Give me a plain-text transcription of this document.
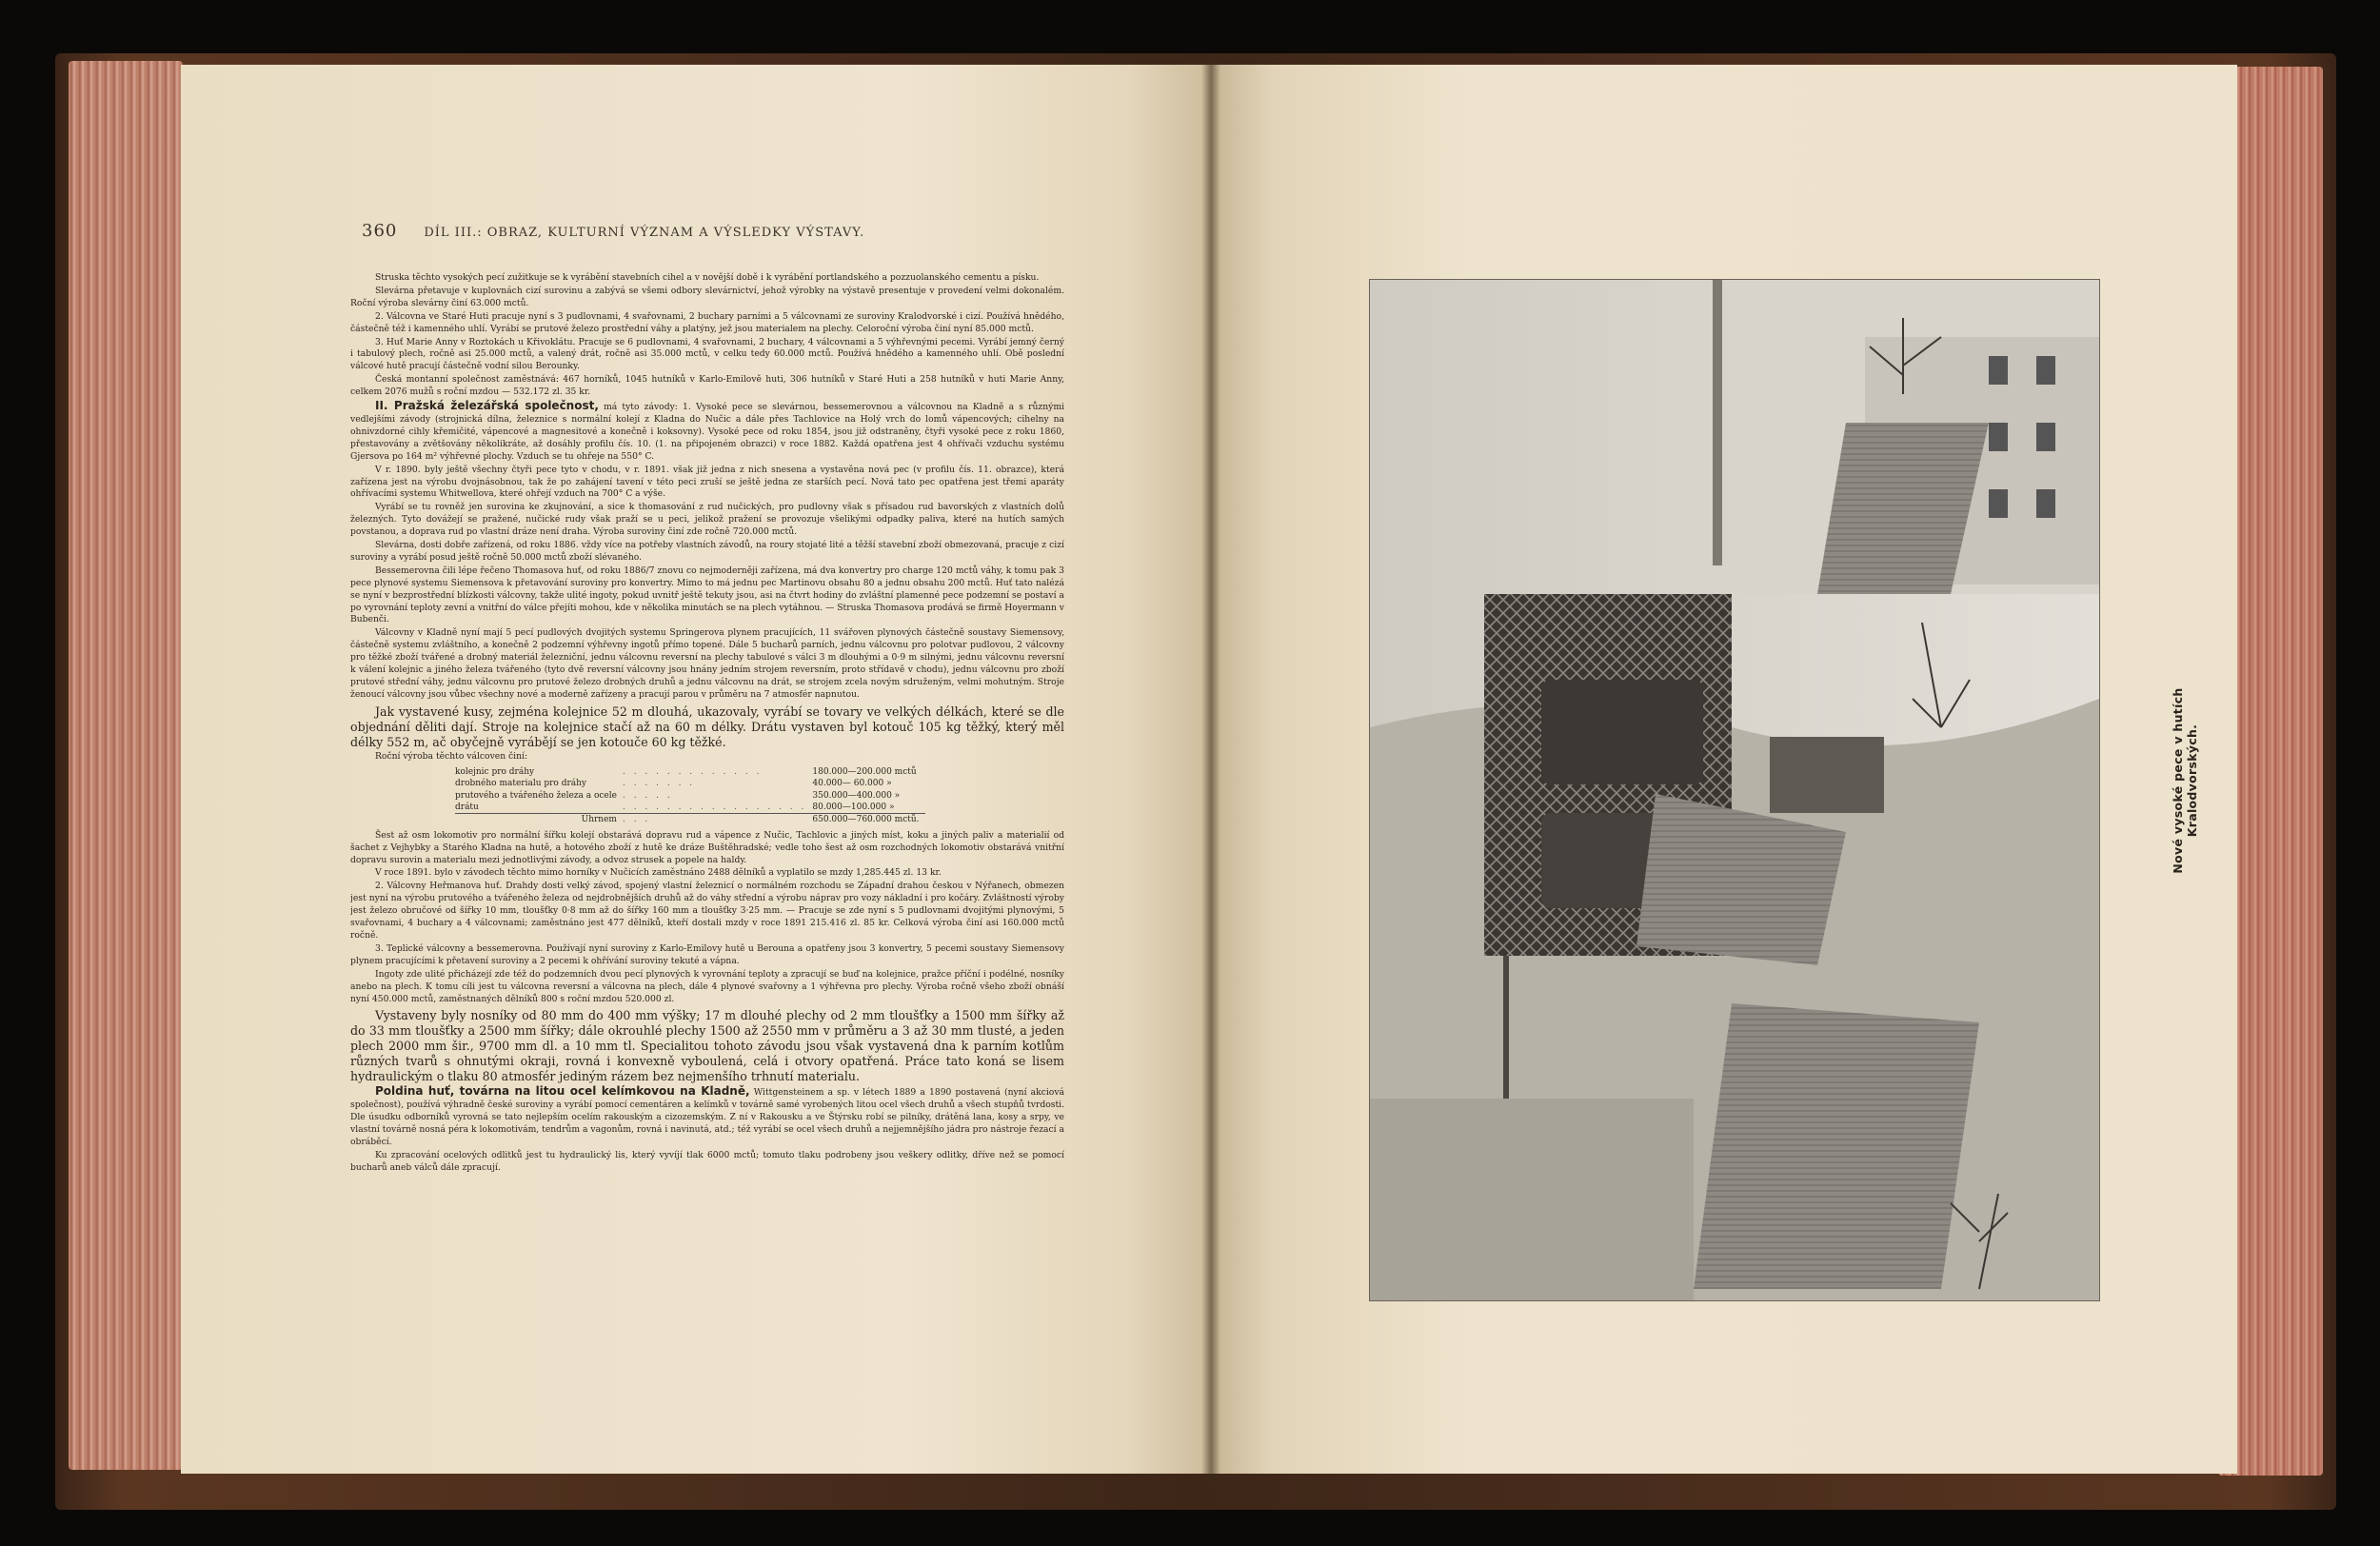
360 DÍL III.: OBRAZ, KULTURNÍ VÝZNAM A VÝSLEDKY VÝSTAVY.

Struska těchto vysokých pecí zužitkuje se k vyrábění stavebních cihel a v novější době i k vyrábění portlandského a pozzuolanského cementu a písku.

Slevárna přetavuje v kuplovnách cizí surovinu a zabývá se všemi odbory slevárnictví, jehož výrobky na výstavě presentuje v provedení velmi dokonalém. Roční výroba slevárny činí 63.000 mctů.

2. Válcovna ve Staré Huti pracuje nyní s 3 pudlovnami, 4 svařovnami, 2 buchary parními a 5 válcovnami ze suroviny Kralodvorské i cizí. Používá hnědého, částečně též i kamenného uhlí. Vyrábí se prutové železo prostřední váhy a platýny, jež jsou materialem na plechy. Celoroční výroba činí nyní 85.000 mctů.

3. Huť Marie Anny v Roztokách u Křivoklátu. Pracuje se 6 pudlovnami, 4 svařovnami, 2 buchary, 4 válcovnami a 5 výhřevnými pecemi. Vyrábí jemný černý i tabulový plech, ročně asi 25.000 mctů, a valený drát, ročně asi 35.000 mctů, v celku tedy 60.000 mctů. Používá hnědého a kamenného uhlí. Obě poslední válcové hutě pracují částečně vodní silou Berounky.

Česká montanní společnost zaměstnává: 467 horníků, 1045 hutníků v Karlo-Emilově huti, 306 hutníků v Staré Huti a 258 hutníků v huti Marie Anny, celkem 2076 mužů s roční mzdou — 532.172 zl. 35 kr.

II. Pražská železářská společnost, má tyto závody: 1. Vysoké pece se slevárnou, bessemerovnou a válcovnou na Kladně a s různými vedlejšími závody (strojnická dílna, železnice s normální kolejí z Kladna do Nučic a dále přes Tachlovice na Holý vrch do lomů vápencových; cihelny na ohnivzdorné cihly křemičité, vápencové a magnesitové a konečně i koksovny). Vysoké pece od roku 1854, jsou již odstraněny, čtyři vysoké pece z roku 1860, přestavovány a zvětšovány několikráte, až dosáhly profilu čís. 10. (1. na připojeném obrazci) v roce 1882. Každá opatřena jest 4 ohřívači vzduchu systému Gjersova po 164 m² výhřevné plochy. Vzduch se tu ohřeje na 550° C.

V r. 1890. byly ještě všechny čtyři pece tyto v chodu, v r. 1891. však již jedna z nich snesena a vystavěna nová pec (v profilu čís. 11. obrazce), která zařízena jest na výrobu dvojnásobnou, tak že po zahájení tavení v této peci zruší se ještě jedna ze starších pecí. Nová tato pec opatřena jest třemi aparáty ohřívacími systemu Whitwellova, které ohřejí vzduch na 700° C a výše.

Vyrábí se tu rovněž jen surovina ke zkujnování, a sice k thomasování z rud nučických, pro pudlovny však s přísadou rud bavorských z vlastních dolů železných. Tyto dovážejí se pražené, nučické rudy však praží se u peci, jelikož pražení se provozuje všelikými odpadky paliva, které na hutích samých povstanou, a doprava rud po vlastní dráze není draha. Výroba suroviny činí zde ročně 720.000 mctů.

Slevárna, dosti dobře zařízená, od roku 1886. vždy více na potřeby vlastních závodů, na roury stojaté lité a těžší stavební zboží obmezovaná, pracuje z cizí suroviny a vyrábí posud ještě ročně 50.000 mctů zboží slévaného.

Bessemerovna čili lépe řečeno Thomasova huť, od roku 1886/7 znovu co nejmoderněji zařízena, má dva konvertry pro charge 120 mctů váhy, k tomu pak 3 pece plynové systemu Siemensova k přetavování suroviny pro konvertry. Mimo to má jednu pec Martinovu obsahu 80 a jednu obsahu 200 mctů. Huť tato nalézá se nyní v bezprostřední blízkosti válcovny, takže ulité ingoty, pokud uvnitř ještě tekuty jsou, asi na čtvrt hodiny do zvláštní plamenné pece podzemní se postaví a po vyrovnání teploty zevní a vnitřní do válce přejíti mohou, kde v několika minutách se na plech vytáhnou. — Struska Thomasova prodává se firmě Hoyermann v Bubenči.

Válcovny v Kladně nyní mají 5 pecí pudlových dvojitých systemu Springerova plynem pracujících, 11 svářoven plynových částečně soustavy Siemensovy, částečně systemu zvláštního, a konečně 2 podzemní výhřevny ingotů přímo topené. Dále 5 bucharů parních, jednu válcovnu pro polotvar pudlovou, 2 válcovny pro těžké zboží tvářené a drobný materiál železniční, jednu válcovnu reversní na plechy tabulové s válci 3 m dlouhými a 0·9 m silnými, jednu válcovnu reversní k válení kolejnic a jiného železa tvářeného (tyto dvě reversní válcovny jsou hnány jedním strojem reversním, proto střídavě v chodu), jednu válcovnu pro zboží prutové střední váhy, jednu válcovnu pro prutové železo drobných druhů a jednu válcovnu na drát, se strojem zcela novým sdruženým, velmi mohutným. Stroje ženoucí válcovny jsou vůbec všechny nové a moderně zařízeny a pracují parou v průměru na 7 atmosfér napnutou.

Jak vystavené kusy, zejména kolejnice 52 m dlouhá, ukazovaly, vyrábí se tovary ve velkých délkách, které se dle objednání děliti dají. Stroje na kolejnice stačí až na 60 m délky. Drátu vystaven byl kotouč 105 kg těžký, který měl délky 552 m, ač obyčejně vyrábějí se jen kotouče 60 kg těžké.

Roční výroba těchto válcoven činí:

kolejnic pro dráhy	. . . . . . . . . . . . .	180.000—200.000 mctů
drobného materialu pro dráhy	. . . . . . .	40.000— 60.000 »
prutového a tvářeného železa a ocele	. . . . .	350.000—400.000 »
drátu	. . . . . . . . . . . . . . . . .	80.000—100.000 »
Úhrnem	. . .	650.000—760.000 mctů.

Šest až osm lokomotiv pro normální šířku kolejí obstarává dopravu rud a vápence z Nučic, Tachlovic a jiných míst, koku a jiných paliv a materialií od šachet z Vejhybky a Starého Kladna na hutě, a hotového zboží z hutě ke dráze Buštěhradské; vedle toho šest až osm rozchodných lokomotiv obstarává vnitřní dopravu surovin a materialu mezi jednotlivými závody, a odvoz strusek a popele na haldy.

V roce 1891. bylo v závodech těchto mimo horníky v Nučicích zaměstnáno 2488 dělníků a vyplatilo se mzdy 1,285.445 zl. 13 kr.

2. Válcovny Heřmanova huť. Drahdy dosti velký závod, spojený vlastní železnicí o normálném rozchodu se Západní drahou českou v Nýřanech, obmezen jest nyní na výrobu prutového a tvářeného železa od nejdrobnějších druhů až do váhy střední a výrobu náprav pro vozy nákladní i pro kočáry. Zvláštností výroby jest železo obručové od šířky 10 mm, tloušťky 0·8 mm až do šířky 160 mm a tloušťky 3·25 mm. — Pracuje se zde nyní s 5 pudlovnami dvojitými plynovými, 5 svařovnami, 4 buchary a 4 válcovnami; zaměstnáno jest 477 dělníků, kteří dostali mzdy v roce 1891 215.416 zl. 85 kr. Celková výroba činí asi 160.000 mctů ročně.

3. Teplické válcovny a bessemerovna. Používají nyní suroviny z Karlo-Emilovy hutě u Berouna a opatřeny jsou 3 konvertry, 5 pecemi soustavy Siemensovy plynem pracujícími k přetavení suroviny a 2 pecemi k ohřívání suroviny tekuté a vápna.

Ingoty zde ulité přicházejí zde též do podzemních dvou pecí plynových k vyrovnání teploty a zpracují se buď na kolejnice, pražce příční i podélné, nosníky anebo na plech. K tomu cíli jest tu válcovna reversní a válcovna na plech, dále 4 plynové svařovny a 1 výhřevna pro plechy. Výroba ročně všeho zboží obnáší nyní 450.000 mctů, zaměstnaných dělníků 800 s roční mzdou 520.000 zl.

Vystaveny byly nosníky od 80 mm do 400 mm výšky; 17 m dlouhé plechy od 2 mm tloušťky a 1500 mm šířky až do 33 mm tloušťky a 2500 mm šířky; dále okrouhlé plechy 1500 až 2550 mm v průměru a 3 až 30 mm tlusté, a jeden plech 2000 mm šir., 9700 mm dl. a 10 mm tl. Specialitou tohoto závodu jsou však vystavená dna k parním kotlům různých tvarů s ohnutými okraji, rovná i konvexně vyboulená, celá i otvory opatřená. Práce tato koná se lisem hydraulickým o tlaku 80 atmosfér jediným rázem bez nejmenšího trhnutí materialu.

Poldina huť, továrna na litou ocel kelímkovou na Kladně, Wittgensteinem a sp. v létech 1889 a 1890 postavená (nyní akciová společnost), používá výhradně české suroviny a vyrábí pomocí cementáren a kelímků v továrně samé vyrobených litou ocel všech druhů a všech stupňů tvrdosti. Dle úsudku odborníků vyrovná se tato nejlepším ocelím rakouským a cizozemským. Z ní v Rakousku a ve Štýrsku robí se pilníky, drátěná lana, kosy a srpy, ve vlastní továrně nosná péra k lokomotivám, tendrům a vagonům, rovná i navinutá, atd.; též vyrábí se ocel všech druhů a nejjemnějšího jádra pro nástroje řezací a obráběcí.

Ku zpracování ocelových odlitků jest tu hydraulický lis, který vyvíjí tlak 6000 mctů; tomuto tlaku podrobeny jsou veškery odlitky, dříve než se pomocí bucharů aneb válců dále zpracují.

Nové vysoké pece v hutích Kralodvorských.
